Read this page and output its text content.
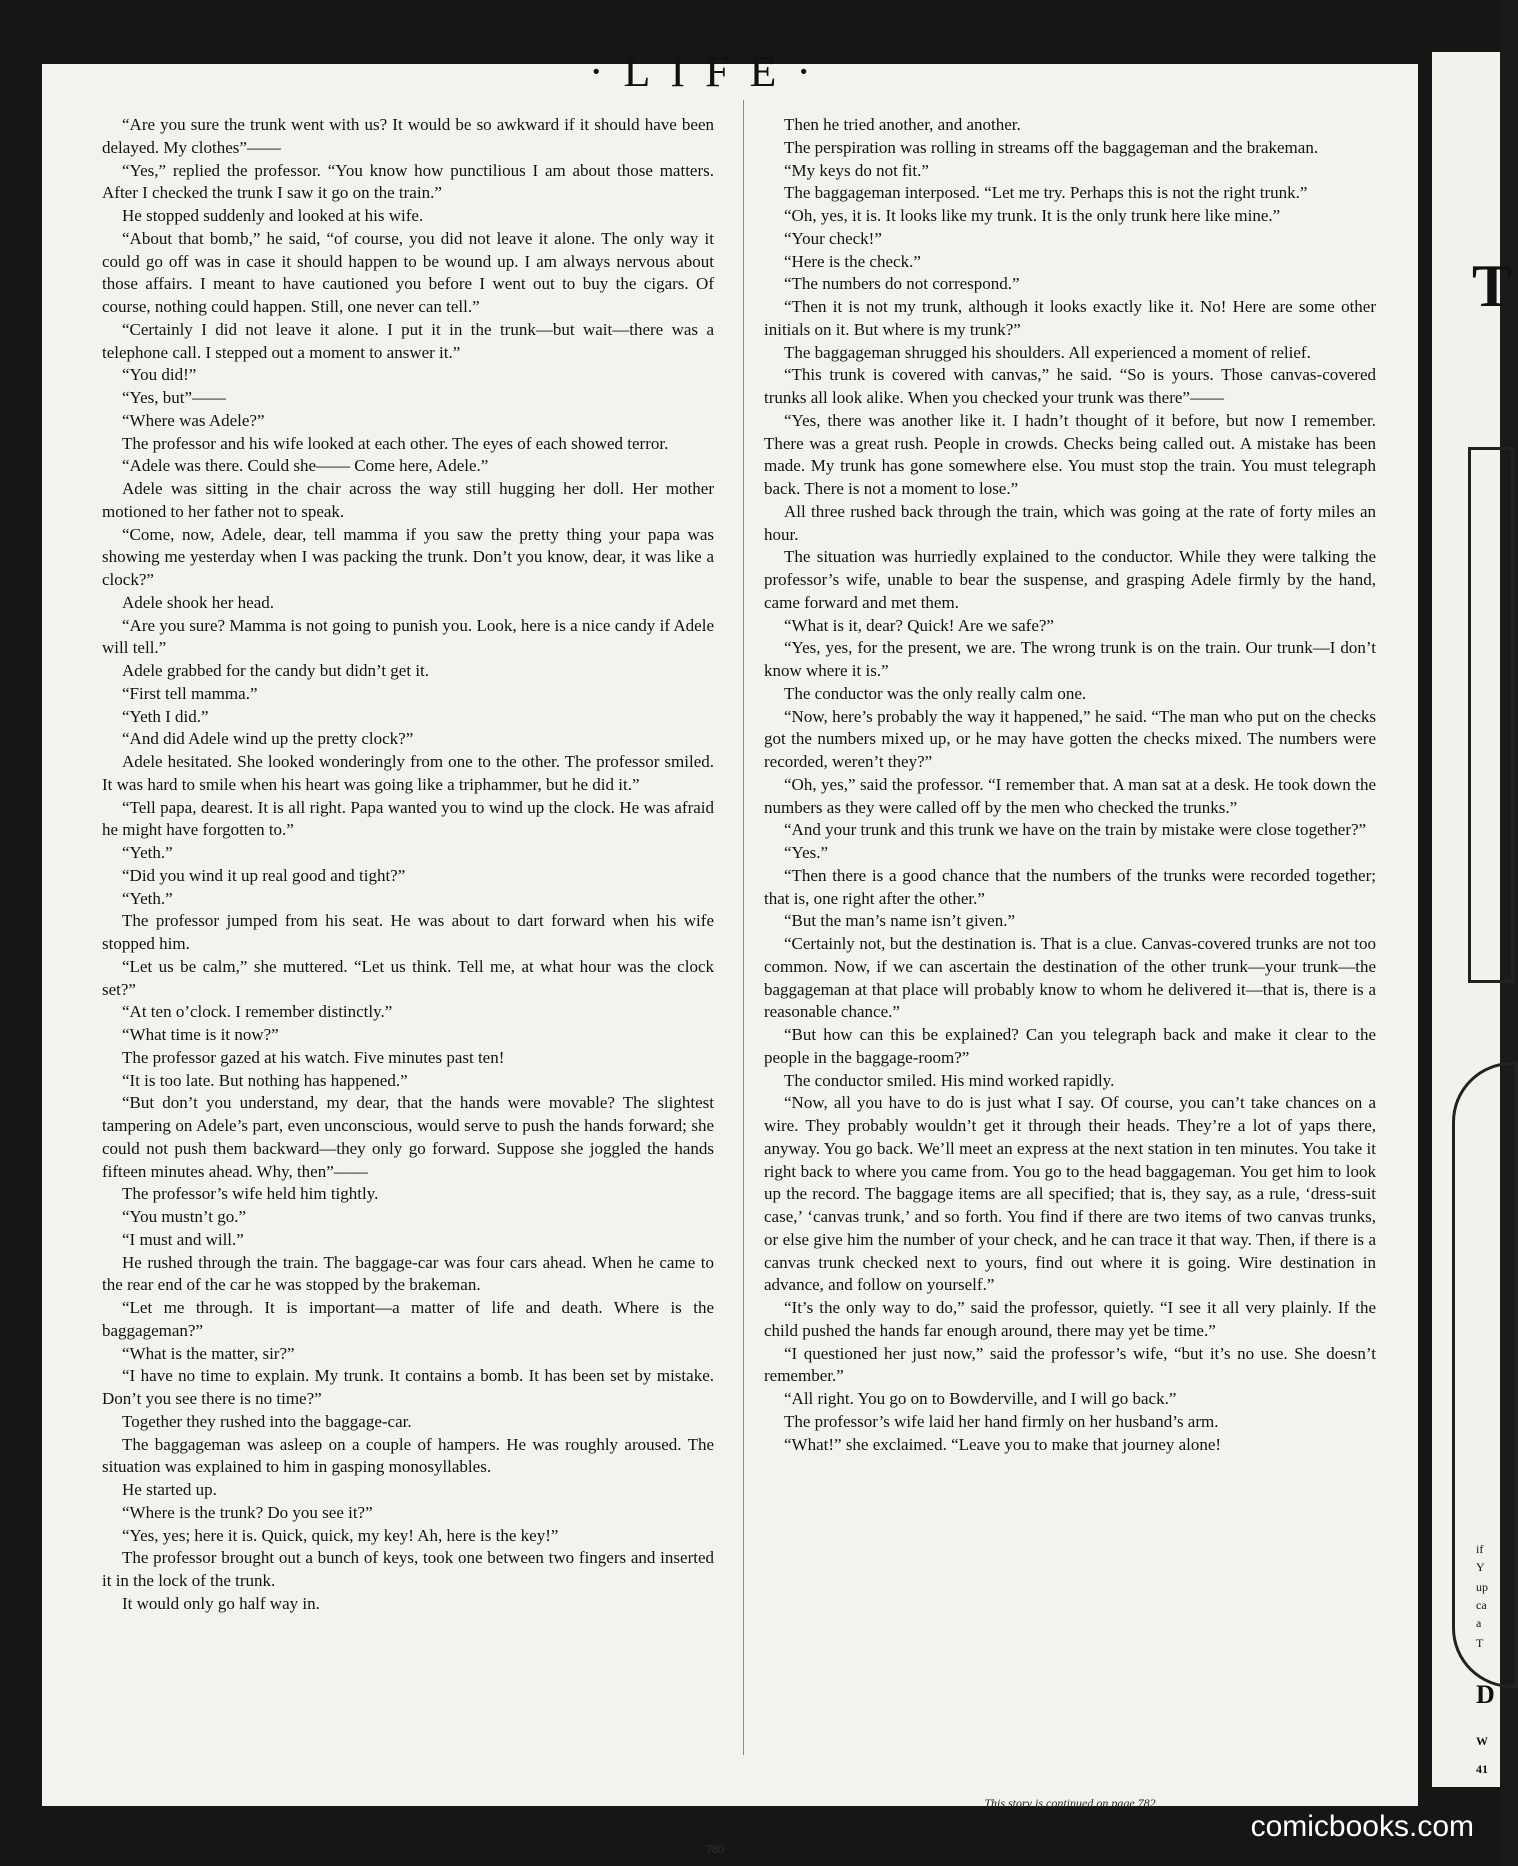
T
if
Y
up
ca
a
T
D
W
41
·LIFE·

“Are you sure the trunk went with us? It would be so awkward if it should have been delayed. My clothes”——

“Yes,” replied the professor. “You know how punctilious I am about those matters. After I checked the trunk I saw it go on the train.”

He stopped suddenly and looked at his wife.

“About that bomb,” he said, “of course, you did not leave it alone. The only way it could go off was in case it should happen to be wound up. I am always nervous about those affairs. I meant to have cautioned you before I went out to buy the cigars. Of course, nothing could happen. Still, one never can tell.”

“Certainly I did not leave it alone. I put it in the trunk—but wait—there was a telephone call. I stepped out a moment to answer it.”

“You did!”

“Yes, but”——

“Where was Adele?”

The professor and his wife looked at each other. The eyes of each showed terror.

“Adele was there. Could she—— Come here, Adele.”

Adele was sitting in the chair across the way still hugging her doll. Her mother motioned to her father not to speak.

“Come, now, Adele, dear, tell mamma if you saw the pretty thing your papa was showing me yesterday when I was packing the trunk. Don’t you know, dear, it was like a clock?”

Adele shook her head.

“Are you sure? Mamma is not going to punish you. Look, here is a nice candy if Adele will tell.”

Adele grabbed for the candy but didn’t get it.

“First tell mamma.”

“Yeth I did.”

“And did Adele wind up the pretty clock?”

Adele hesitated. She looked wonderingly from one to the other. The professor smiled. It was hard to smile when his heart was going like a triphammer, but he did it.”

“Tell papa, dearest. It is all right. Papa wanted you to wind up the clock. He was afraid he might have forgotten to.”

“Yeth.”

“Did you wind it up real good and tight?”

“Yeth.”

The professor jumped from his seat. He was about to dart forward when his wife stopped him.

“Let us be calm,” she muttered. “Let us think. Tell me, at what hour was the clock set?”

“At ten o’clock. I remember distinctly.”

“What time is it now?”

The professor gazed at his watch. Five minutes past ten!

“It is too late. But nothing has happened.”

“But don’t you understand, my dear, that the hands were movable? The slightest tampering on Adele’s part, even unconscious, would serve to push the hands forward; she could not push them backward—they only go forward. Suppose she joggled the hands fifteen minutes ahead. Why, then”——

The professor’s wife held him tightly.

“You mustn’t go.”

“I must and will.”

He rushed through the train. The baggage-car was four cars ahead. When he came to the rear end of the car he was stopped by the brakeman.

“Let me through. It is important—a matter of life and death. Where is the baggageman?”

“What is the matter, sir?”

“I have no time to explain. My trunk. It contains a bomb. It has been set by mistake. Don’t you see there is no time?”

Together they rushed into the baggage-car.

The baggageman was asleep on a couple of hampers. He was roughly aroused. The situation was explained to him in gasping monosyllables.

He started up.

“Where is the trunk? Do you see it?”

“Yes, yes; here it is. Quick, quick, my key! Ah, here is the key!”

The professor brought out a bunch of keys, took one between two fingers and inserted it in the lock of the trunk.

It would only go half way in.

Then he tried another, and another.

The perspiration was rolling in streams off the baggageman and the brakeman.

“My keys do not fit.”

The baggageman interposed. “Let me try. Perhaps this is not the right trunk.”

“Oh, yes, it is. It looks like my trunk. It is the only trunk here like mine.”

“Your check!”

“Here is the check.”

“The numbers do not correspond.”

“Then it is not my trunk, although it looks exactly like it. No! Here are some other initials on it. But where is my trunk?”

The baggageman shrugged his shoulders. All experienced a moment of relief.

“This trunk is covered with canvas,” he said. “So is yours. Those canvas-covered trunks all look alike. When you checked your trunk was there”——

“Yes, there was another like it. I hadn’t thought of it before, but now I remember. There was a great rush. People in crowds. Checks being called out. A mistake has been made. My trunk has gone somewhere else. You must stop the train. You must telegraph back. There is not a moment to lose.”

All three rushed back through the train, which was going at the rate of forty miles an hour.

The situation was hurriedly explained to the conductor. While they were talking the professor’s wife, unable to bear the suspense, and grasping Adele firmly by the hand, came forward and met them.

“What is it, dear? Quick! Are we safe?”

“Yes, yes, for the present, we are. The wrong trunk is on the train. Our trunk—I don’t know where it is.”

The conductor was the only really calm one.

“Now, here’s probably the way it happened,” he said. “The man who put on the checks got the numbers mixed up, or he may have gotten the checks mixed. The numbers were recorded, weren’t they?”

“Oh, yes,” said the professor. “I remember that. A man sat at a desk. He took down the numbers as they were called off by the men who checked the trunks.”

“And your trunk and this trunk we have on the train by mistake were close together?”

“Yes.”

“Then there is a good chance that the numbers of the trunks were recorded together; that is, one right after the other.”

“But the man’s name isn’t given.”

“Certainly not, but the destination is. That is a clue. Canvas-covered trunks are not too common. Now, if we can ascertain the destination of the other trunk—your trunk—the baggageman at that place will probably know to whom he delivered it—that is, there is a reasonable chance.”

“But how can this be explained? Can you telegraph back and make it clear to the people in the baggage-room?”

The conductor smiled. His mind worked rapidly.

“Now, all you have to do is just what I say. Of course, you can’t take chances on a wire. They probably wouldn’t get it through their heads. They’re a lot of yaps there, anyway. You go back. We’ll meet an express at the next station in ten minutes. You take it right back to where you came from. You go to the head baggageman. You get him to look up the record. The baggage items are all specified; that is, they say, as a rule, ‘dress-suit case,’ ‘canvas trunk,’ and so forth. You find if there are two items of two canvas trunks, or else give him the number of your check, and he can trace it that way. Then, if there is a canvas trunk checked next to yours, find out where it is going. Wire destination in advance, and follow on yourself.”

“It’s the only way to do,” said the professor, quietly. “I see it all very plainly. If the child pushed the hands far enough around, there may yet be time.”

“I questioned her just now,” said the professor’s wife, “but it’s no use. She doesn’t remember.”

“All right. You go on to Bowderville, and I will go back.”

The professor’s wife laid her hand firmly on her husband’s arm.

“What!” she exclaimed. “Leave you to make that journey alone!

This story is continued on page 782
780
comicbooks.com
